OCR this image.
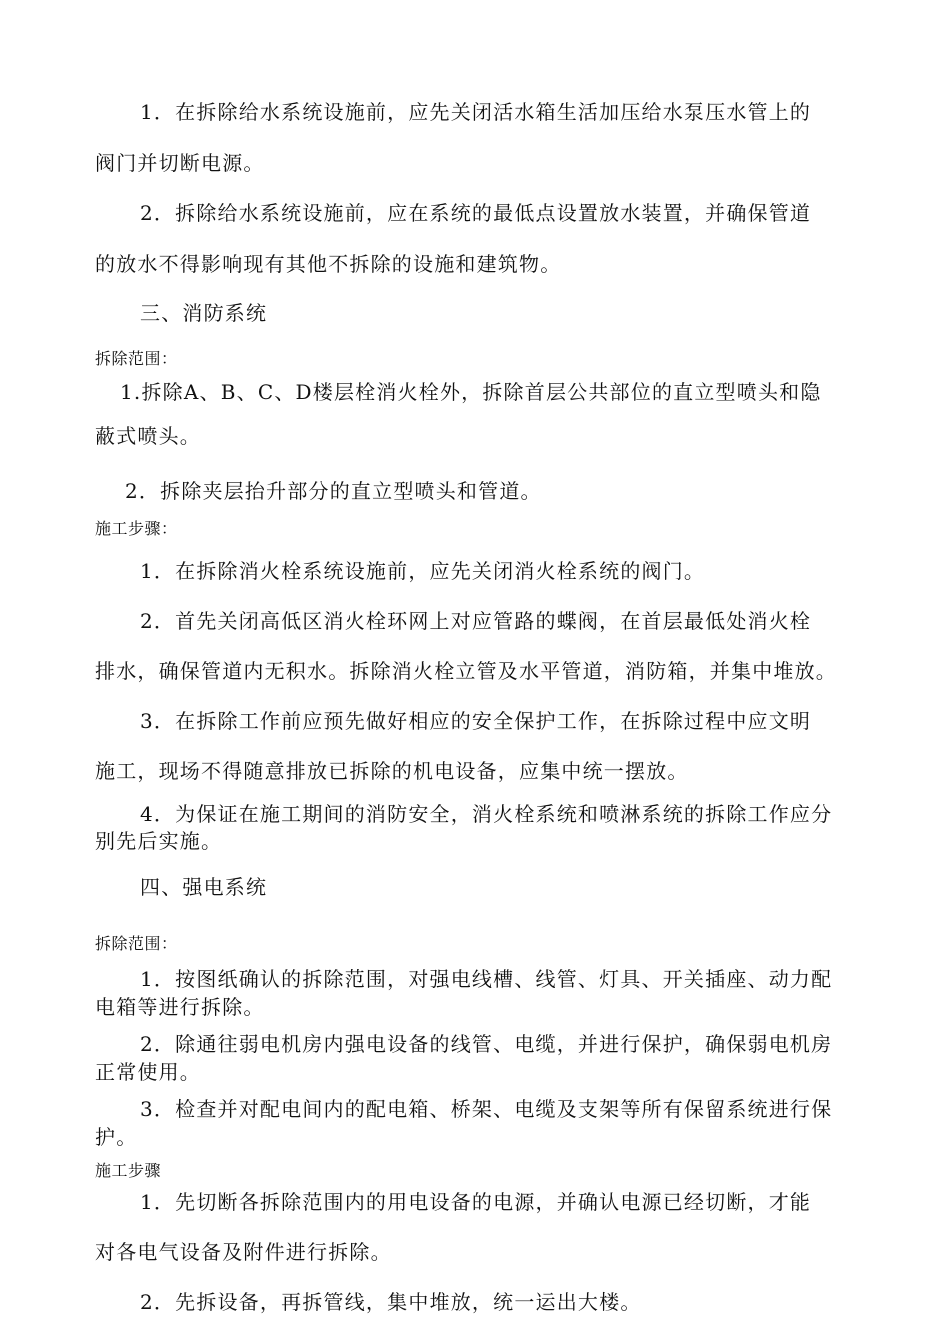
1．在拆除给水系统设施前，应先关闭活水箱生活加压给水泵压水管上的
阀门并切断电源。
2．拆除给水系统设施前，应在系统的最低点设置放水装置，并确保管道
的放水不得影响现有其他不拆除的设施和建筑物。
三、消防系统
拆除范围：
1.拆除A、B、C、D楼层栓消火栓外，拆除首层公共部位的直立型喷头和隐
蔽式喷头。
2．拆除夹层抬升部分的直立型喷头和管道。
施工步骤：
1．在拆除消火栓系统设施前，应先关闭消火栓系统的阀门。
2．首先关闭高低区消火栓环网上对应管路的蝶阀，在首层最低处消火栓
排水，确保管道内无积水。拆除消火栓立管及水平管道，消防箱，并集中堆放。
3．在拆除工作前应预先做好相应的安全保护工作，在拆除过程中应文明
施工，现场不得随意排放已拆除的机电设备，应集中统一摆放。
4．为保证在施工期间的消防安全，消火栓系统和喷淋系统的拆除工作应分
别先后实施。
四、强电系统
拆除范围：
1．按图纸确认的拆除范围，对强电线槽、线管、灯具、开关插座、动力配
电箱等进行拆除。
2．除通往弱电机房内强电设备的线管、电缆，并进行保护，确保弱电机房
正常使用。
3．检查并对配电间内的配电箱、桥架、电缆及支架等所有保留系统进行保
护。
施工步骤
1．先切断各拆除范围内的用电设备的电源，并确认电源已经切断，才能
对各电气设备及附件进行拆除。
2．先拆设备，再拆管线，集中堆放，统一运出大楼。
